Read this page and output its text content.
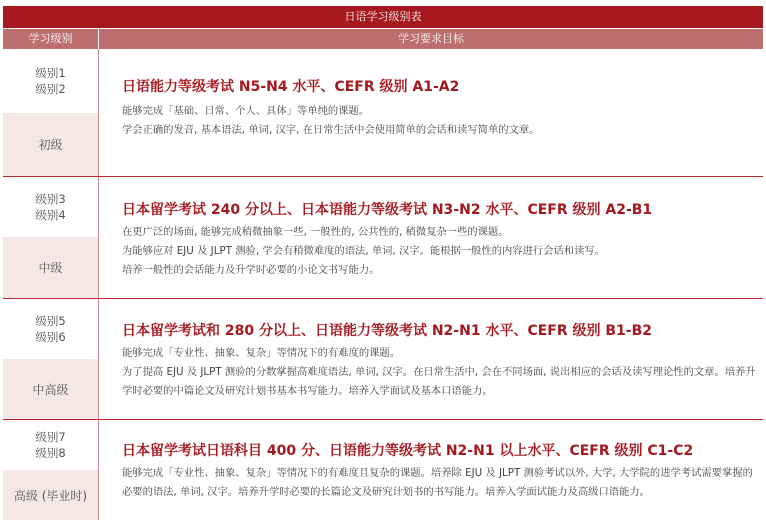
日语学习级别表
学习级别	学习要求目标
级别1
级别2
初级
日语能力等级考试 N5-N4 水平、CEFR 级别 A1-A2
能够完成「基础、日常、个人、具体」等单纯的课题。
学会正确的发音, 基本语法, 单词, 汉字, 在日常生活中会使用简单的会话和读写简单的文章。
级别3
级别4
中级
日本留学考试 240 分以上、日本语能力等级考试 N3-N2 水平、CEFR 级别 A2-B1
在更广泛的场面, 能够完成稍微抽象一些, 一般性的, 公共性的, 稍微复杂一些的课题。
为能够应对 EJU 及 JLPT 测验, 学会有稍微难度的语法, 单词, 汉字。能根据一般性的内容进行会话和读写。
培养一般性的会话能力及升学时必要的小论文书写能力。
级别5
级别6
中高级
日本留学考试和 280 分以上、日语能力等级考试 N2-N1 水平、CEFR 级别 B1-B2
能够完成「专业性、抽象、复杂」等情况下的有难度的课题。
为了提高 EJU 及 JLPT 测验的分数掌握高难度语法, 单词, 汉字。在日常生活中, 会在不同场面, 说出相应的会话及读写理论性的文章。培养升学时必要的中篇论文及研究计划书基本书写能力。培养入学面试及基本口语能力。
级别7
级别8
高级 (毕业时)
日本留学考试日语科目 400 分、日语能力等级考试 N2-N1 以上水平、CEFR 级别 C1-C2
能够完成「专业性、抽象、复杂」等情况下的有难度且复杂的课题。培养除 EJU 及 JLPT 测验考试以外, 大学, 大学院的进学考试需要掌握的必要的语法, 单词, 汉字。培养升学时必要的长篇论文及研究计划书的书写能力。培养入学面试能力及高级口语能力。
